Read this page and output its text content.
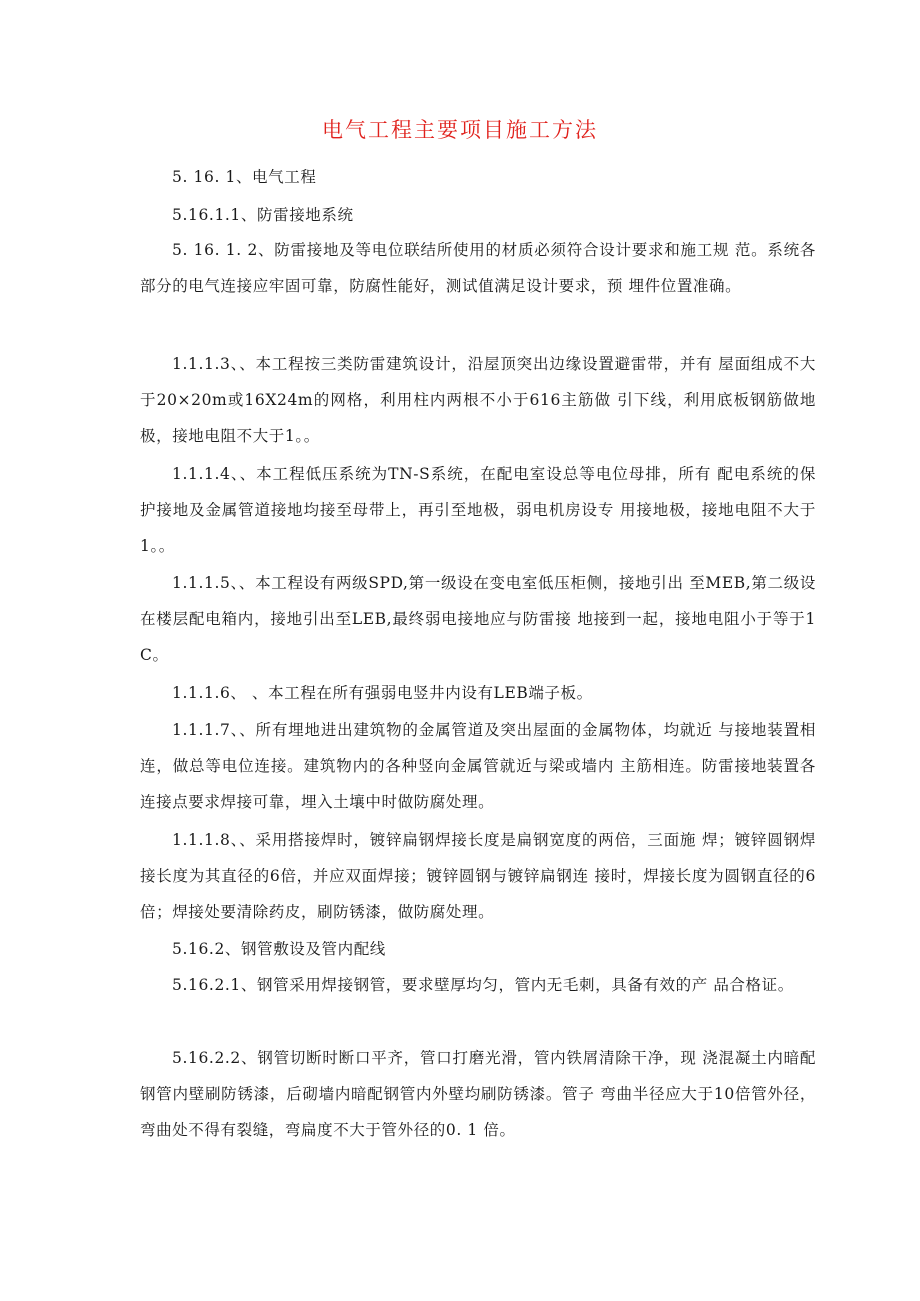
电气工程主要项目施工方法
5. 16. 1、电气工程
5.16.1.1、防雷接地系统
5. 16. 1. 2、防雷接地及等电位联结所使用的材质必须符合设计要求和施工规 范。系统各部分的电气连接应牢固可靠，防腐性能好，测试值满足设计要求，预 埋件位置准确。
1.1.1.3、、本工程按三类防雷建筑设计，沿屋顶突出边缘设置避雷带，并有 屋面组成不大于20×20m或16X24m的网格，利用柱内两根不小于616主筋做 引下线，利用底板钢筋做地极，接地电阻不大于1。。
1.1.1.4、、本工程低压系统为TN-S系统，在配电室设总等电位母排，所有 配电系统的保护接地及金属管道接地均接至母带上，再引至地极，弱电机房设专 用接地极，接地电阻不大于1。。
1.1.1.5、、本工程设有两级SPD,第一级设在变电室低压柜侧，接地引出 至MEB,第二级设在楼层配电箱内，接地引出至LEB,最终弱电接地应与防雷接 地接到一起，接地电阻小于等于1C。
1.1.1.6、 、本工程在所有强弱电竖井内设有LEB端子板。
1.1.1.7、、所有埋地进出建筑物的金属管道及突出屋面的金属物体，均就近 与接地装置相连，做总等电位连接。建筑物内的各种竖向金属管就近与梁或墙内 主筋相连。防雷接地装置各连接点要求焊接可靠，埋入土壤中时做防腐处理。
1.1.1.8、、采用搭接焊时，镀锌扁钢焊接长度是扁钢宽度的两倍，三面施 焊；镀锌圆钢焊接长度为其直径的6倍，并应双面焊接；镀锌圆钢与镀锌扁钢连 接时，焊接长度为圆钢直径的6倍；焊接处要清除药皮，刷防锈漆，做防腐处理。
5.16.2、钢管敷设及管内配线
5.16.2.1、钢管采用焊接钢管，要求壁厚均匀，管内无毛刺，具备有效的产 品合格证。
5.16.2.2、钢管切断时断口平齐，管口打磨光滑，管内铁屑清除干净，现 浇混凝土内暗配钢管内壁刷防锈漆，后砌墙内暗配钢管内外壁均刷防锈漆。管子 弯曲半径应大于10倍管外径，弯曲处不得有裂缝，弯扁度不大于管外径的0. 1 倍。
